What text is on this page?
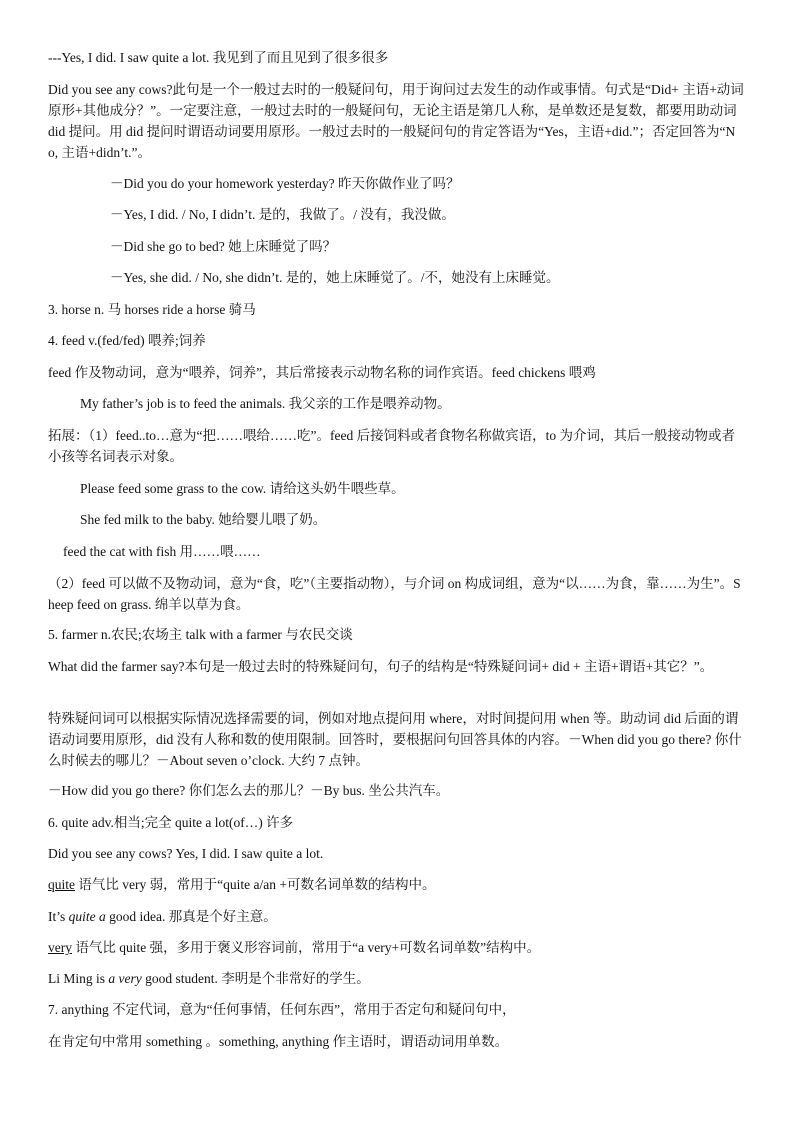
---Yes, I did. I saw quite a lot. 我见到了而且见到了很多很多
Did you see any cows?此句是一个一般过去时的一般疑问句，用于询问过去发生的动作或事情。句式是“Did+ 主语+动词原形+其他成分？”。一定要注意，一般过去时的一般疑问句，无论主语是第几人称，是单数还是复数，都要用助动词 did 提问。用 did 提问时谓语动词要用原形。一般过去时的一般疑问句的肯定答语为“Yes，主语+did.”；否定回答为“No, 主语+didn’t.”。
－Did you do your homework yesterday? 昨天你做作业了吗？
－Yes, I did. / No, I didn’t. 是的，我做了。/ 没有，我没做。
－Did she go to bed? 她上床睡觉了吗？
－Yes, she did. / No, she didn’t. 是的，她上床睡觉了。/不，她没有上床睡觉。
3. horse n. 马 horses ride a horse 骑马
4. feed v.(fed/fed) 喂养;饲养
feed 作及物动词，意为“喂养，饲养”，其后常接表示动物名称的词作宾语。feed chickens 喂鸡
My father’s job is to feed the animals. 我父亲的工作是喂养动物。
拓展：（1）feed..to…意为“把……喂给……吃”。feed 后接饲料或者食物名称做宾语，to 为介词，其后一般接动物或者小孩等名词表示对象。
Please feed some grass to the cow. 请给这头奶牛喂些草。
She fed milk to the baby. 她给婴儿喂了奶。
feed the cat with fish 用……喂……
（2）feed 可以做不及物动词，意为“食，吃”（主要指动物），与介词 on 构成词组，意为“以……为食，靠……为生”。Sheep feed on grass. 绵羊以草为食。
5. farmer n.农民;农场主 talk with a farmer 与农民交谈
What did the farmer say?本句是一般过去时的特殊疑问句，句子的结构是“特殊疑问词+ did + 主语+谓语+其它？”。
特殊疑问词可以根据实际情况选择需要的词，例如对地点提问用 where，对时间提问用 when 等。助动词 did 后面的谓语动词要用原形，did 没有人称和数的使用限制。回答时，要根据问句回答具体的内容。－When did you go there? 你什么时候去的哪儿？－About seven o’clock. 大约 7 点钟。
－How did you go there? 你们怎么去的那儿？－By bus. 坐公共汽车。
6. quite adv.相当;完全 quite a lot(of…) 许多
Did you see any cows? Yes, I did. I saw quite a lot.
quite 语气比 very 弱，常用于“quite a/an +可数名词单数的结构中。
It’s quite a good idea. 那真是个好主意。
very 语气比 quite 强，多用于褒义形容词前，常用于“a very+可数名词单数”结构中。
Li Ming is a very good student. 李明是个非常好的学生。
7. anything 不定代词，意为“任何事情，任何东西”，常用于否定句和疑问句中，
在肯定句中常用 something 。something, anything 作主语时，谓语动词用单数。
